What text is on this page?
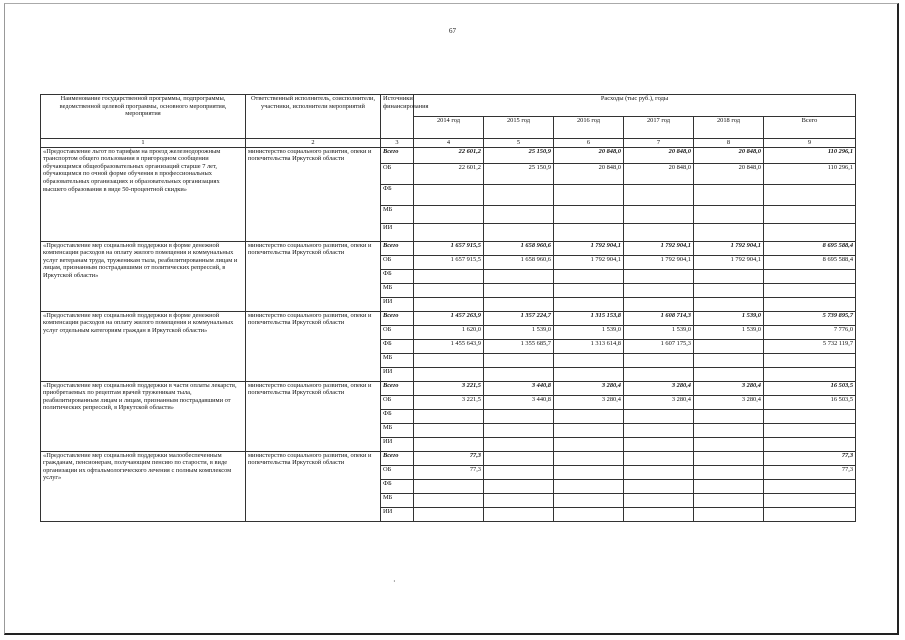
67
Наименование государственной программы, подпрограммы, ведомственной целевой программы, основного мероприятия, мероприятия	Ответственный исполнитель, соисполнители, участники, исполнители мероприятий	Источники финансирования	Расходы (тыс руб.), годы					
			2014 год	2015 год	2016 год	2017 год	2018 год	Всего
1	2	3	4	5	6	7	8	9
«Предоставление льгот по тарифам на проезд железнодорожным транспортом общего пользования в пригородном сообщении обучающимся общеобразовательных организаций старше 7 лет, обучающимся по очной форме обучения в профессиональных образовательных организациях и образовательных организациях высшего образования в виде 50-процентной скидки»	министерство социального развития, опеки и попечительства Иркутской области	Всего	22 601,2	25 150,9	20 848,0	20 848,0	20 848,0	110 296,1
		ОБ	22 601,2	25 150,9	20 848,0	20 848,0	20 848,0	110 296,1
		ФБ						
		МБ						
		ИИ						
«Предоставление мер социальной поддержки в форме денежной компенсации расходов на оплату жилого помещения и коммунальных услуг ветеранам труда, труженикам тыла, реабилитированным лицам и лицам, признанным пострадавшими от политических репрессий, в Иркутской области»	министерство социального развития, опеки и попечительства Иркутской области	Всего	1 657 915,5	1 658 960,6	1 792 904,1	1 792 904,1	1 792 904,1	8 695 588,4
		ОБ	1 657 915,5	1 658 960,6	1 792 904,1	1 792 904,1	1 792 904,1	8 695 588,4
		ФБ						
		МБ						
		ИИ						
«Предоставление мер социальной поддержки в форме денежной компенсации расходов на оплату жилого помещения и коммунальных услуг отдельным категориям граждан в Иркутской области»	министерство социального развития, опеки и попечительства Иркутской области	Всего	1 457 263,9	1 357 224,7	1 315 153,8	1 608 714,3	1 539,0	5 739 895,7
		ОБ	1 620,0	1 539,0	1 539,0	1 539,0	1 539,0	7 776,0
		ФБ	1 455 643,9	1 355 685,7	1 313 614,8	1 607 175,3		5 732 119,7
		МБ						
		ИИ						
«Предоставление мер социальной поддержки в части оплаты лекарств, приобретаемых по рецептам врачей труженикам тыла, реабилитированным лицам и лицам, признанным пострадавшими от политических репрессий, в Иркутской области»	министерство социального развития, опеки и попечительства Иркутской области	Всего	3 221,5	3 440,8	3 280,4	3 280,4	3 280,4	16 503,5
		ОБ	3 221,5	3 440,8	3 280,4	3 280,4	3 280,4	16 503,5
		ФБ						
		МБ						
		ИИ						
«Предоставление мер социальной поддержки малообеспеченным гражданам, пенсионерам, получающим пенсию по старости, в виде организации их офтальмологического лечения с полным комплексом услуг»	министерство социального развития, опеки и попечительства Иркутской области	Всего	77,3					77,3
		ОБ	77,3					77,3
		ФБ						
		МБ						
		ИИ						
·
